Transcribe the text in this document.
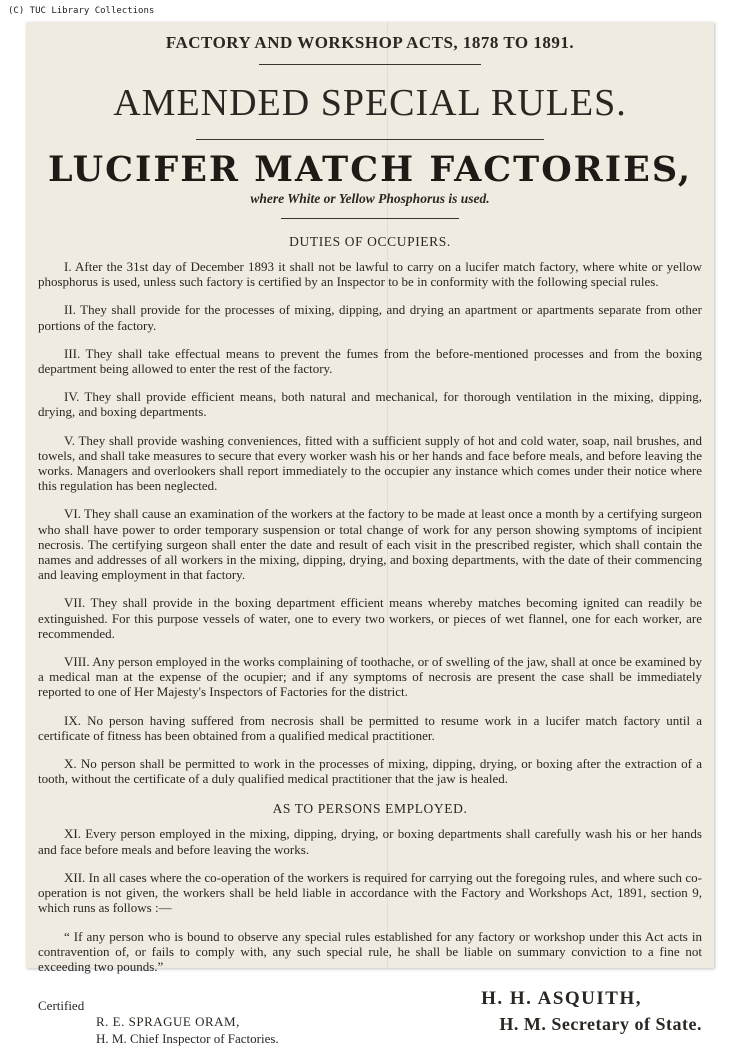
(C) TUC Library Collections
FACTORY AND WORKSHOP ACTS, 1878 TO 1891.
AMENDED SPECIAL RULES.
LUCIFER MATCH FACTORIES,
where White or Yellow Phosphorus is used.
DUTIES OF OCCUPIERS.

I. After the 31st day of December 1893 it shall not be lawful to carry on a lucifer match factory, where white or yellow phosphorus is used, unless such factory is certified by an Inspector to be in conformity with the following special rules.

II. They shall provide for the processes of mixing, dipping, and drying an apartment or apartments separate from other portions of the factory.

III. They shall take effectual means to prevent the fumes from the before-mentioned processes and from the boxing department being allowed to enter the rest of the factory.

IV. They shall provide efficient means, both natural and mechanical, for thorough ventilation in the mixing, dipping, drying, and boxing departments.

V. They shall provide washing conveniences, fitted with a sufficient supply of hot and cold water, soap, nail brushes, and towels, and shall take measures to secure that every worker wash his or her hands and face before meals, and before leaving the works. Managers and overlookers shall report immediately to the occupier any instance which comes under their notice where this regulation has been neglected.

VI. They shall cause an examination of the workers at the factory to be made at least once a month by a certifying surgeon who shall have power to order temporary suspension or total change of work for any person showing symptoms of incipient necrosis. The certifying surgeon shall enter the date and result of each visit in the prescribed register, which shall contain the names and addresses of all workers in the mixing, dipping, drying, and boxing departments, with the date of their commencing and leaving employment in that factory.

VII. They shall provide in the boxing department efficient means whereby matches becoming ignited can readily be extinguished. For this purpose vessels of water, one to every two workers, or pieces of wet flannel, one for each worker, are recommended.

VIII. Any person employed in the works complaining of toothache, or of swelling of the jaw, shall at once be examined by a medical man at the expense of the ocupier; and if any symptoms of necrosis are present the case shall be immediately reported to one of Her Majesty's Inspectors of Factories for the district.

IX. No person having suffered from necrosis shall be permitted to resume work in a lucifer match factory until a certificate of fitness has been obtained from a qualified medical practitioner.

X. No person shall be permitted to work in the processes of mixing, dipping, drying, or boxing after the extraction of a tooth, without the certificate of a duly qualified medical practitioner that the jaw is healed.

AS TO PERSONS EMPLOYED.

XI. Every person employed in the mixing, dipping, drying, or boxing departments shall carefully wash his or her hands and face before meals and before leaving the works.

XII. In all cases where the co-operation of the workers is required for carrying out the foregoing rules, and where such co-operation is not given, the workers shall be held liable in accordance with the Factory and Workshops Act, 1891, section 9, which runs as follows :—

“ If any person who is bound to observe any special rules established for any factory or workshop under this Act acts in contravention of, or fails to comply with, any such special rule, he shall be liable on summary conviction to a fine not exceeding two pounds.”

Certified
R. E. SPRAGUE ORAM,
H. M. Chief Inspector of Factories.
H. H. ASQUITH,
H. M. Secretary of State.
